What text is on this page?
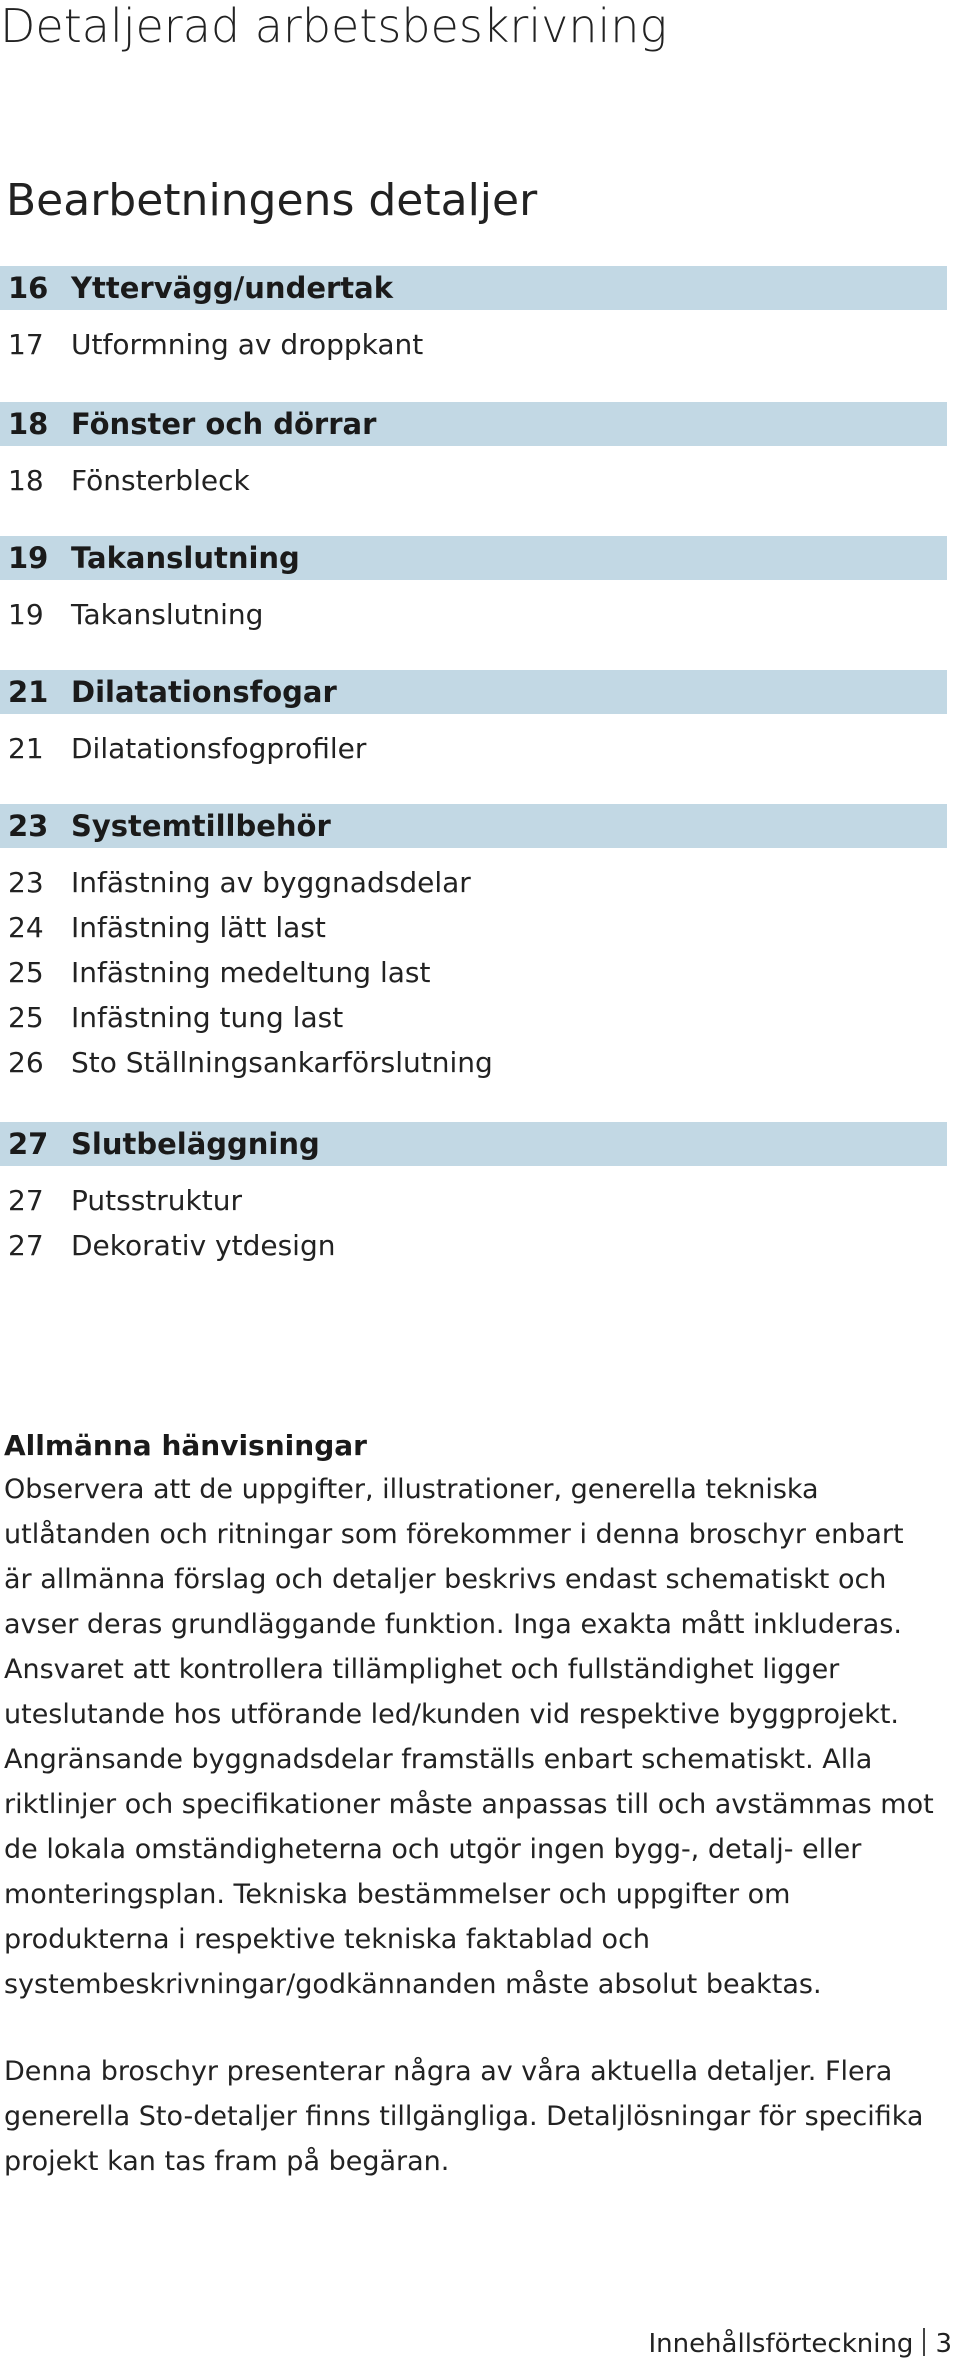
Detaljerad arbetsbeskrivning
Bearbetningens detaljer
16 Yttervägg/undertak
17 Utformning av droppkant
18 Fönster och dörrar
18 Fönsterbleck
19 Takanslutning
19 Takanslutning
21 Dilatationsfogar
21 Dilatationsfogprofiler
23 Systemtillbehör
23 Infästning av byggnadsdelar
24 Infästning lätt last
25 Infästning medeltung last
25 Infästning tung last
26 Sto Ställningsankarförslutning
27 Slutbeläggning
27 Putsstruktur
27 Dekorativ ytdesign
Allmänna hänvisningar

Observera att de uppgifter, illustrationer, generella tekniska utlåtanden och ritningar som förekommer i denna broschyr enbart är allmänna förslag och detaljer beskrivs endast schematiskt och avser deras grundläggande funktion. Inga exakta mått inkluderas. Ansvaret att kontrollera tillämplighet och fullständighet ligger uteslutande hos utförande led/kunden vid respektive byggprojekt. Angränsande byggnadsdelar framställs enbart schematiskt. Alla riktlinjer och specifikationer måste anpassas till och avstämmas mot de lokala omständigheterna och utgör ingen bygg-, detalj- eller monteringsplan. Tekniska bestämmelser och uppgifter om produkterna i respektive tekniska faktablad och systembeskrivningar/godkännanden måste absolut beaktas.

Denna broschyr presenterar några av våra aktuella detaljer. Flera generella Sto-detaljer finns tillgängliga. Detaljlösningar för specifika projekt kan tas fram på begäran.

Innehållsförteckning 3
